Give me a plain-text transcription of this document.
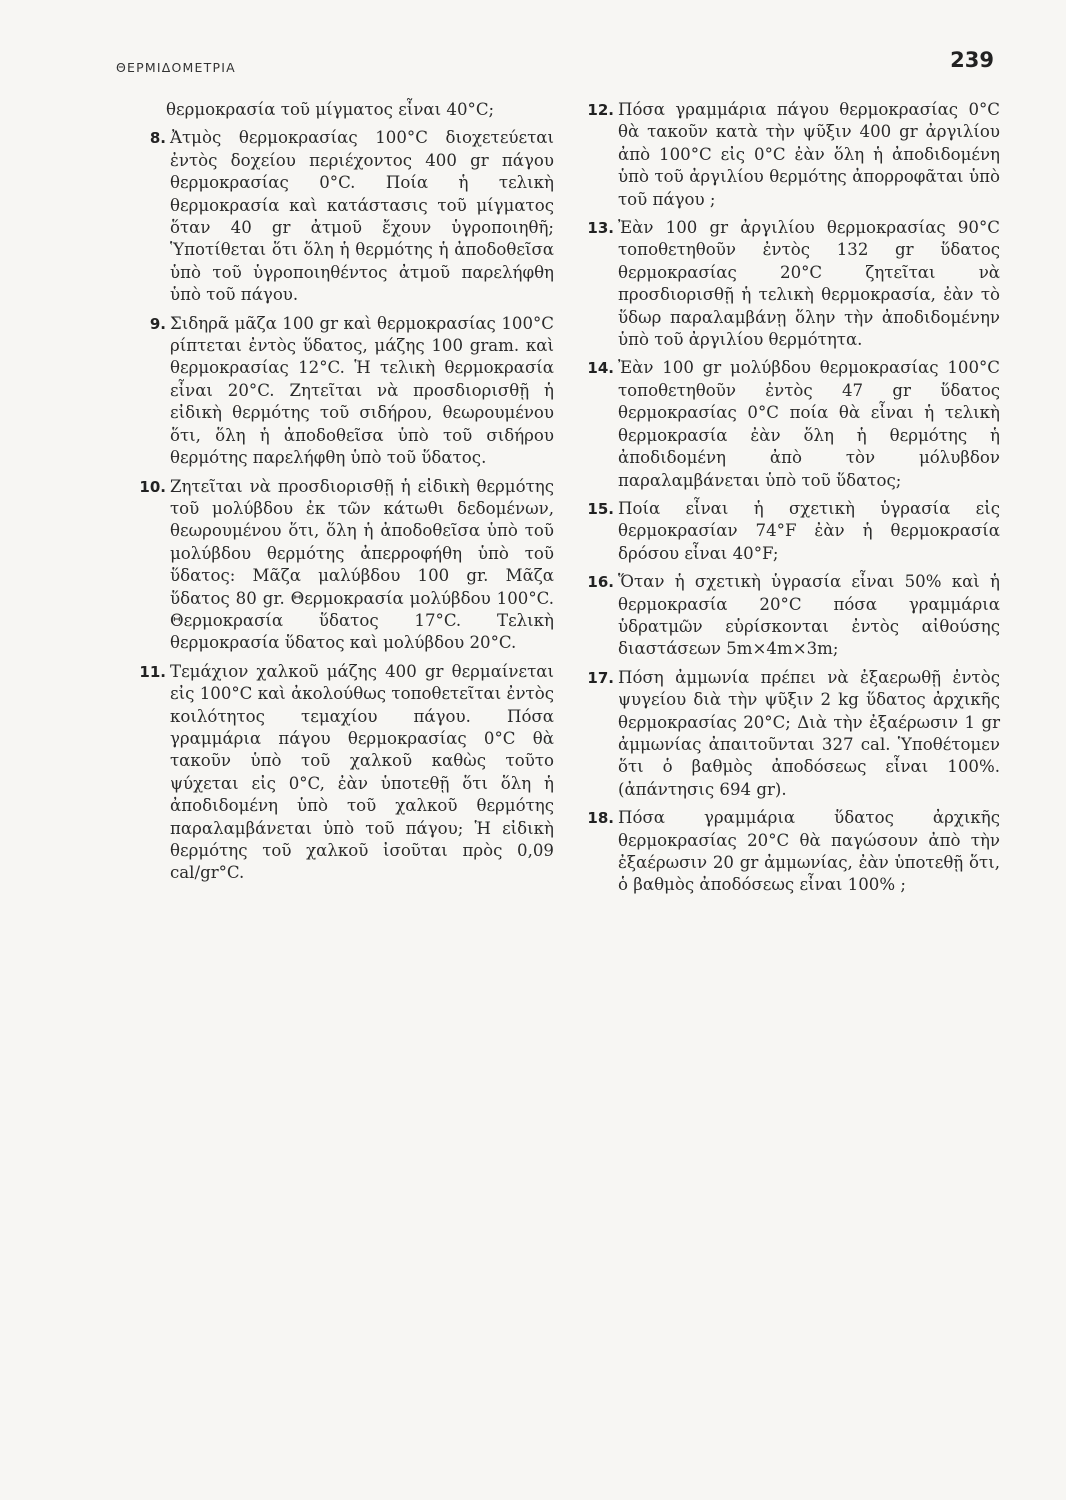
ΘΕΡΜΙΔΟΜΕΤΡΙΑ	239
θερμοκρασία τοῦ μίγματος εἶναι 40°C;
8. Ἀτμὸς θερμοκρασίας 100°C διοχετεύεται ἐντὸς δοχείου περιέχοντος 400 gr πάγου θερμοκρασίας 0°C. Ποία ἡ τελικὴ θερμοκρασία καὶ κατάστασις τοῦ μίγματος ὅταν 40 gr ἀτμοῦ ἔχουν ὑγροποιηθῆ; Ὑποτίθεται ὅτι ὅλη ἡ θερμότης ἡ ἀποδοθεῖσα ὑπὸ τοῦ ὑγροποιηθέντος ἀτμοῦ παρελήφθη ὑπὸ τοῦ πάγου.
9. Σιδηρᾶ μᾶζα 100 gr καὶ θερμοκρασίας 100°C ρίπτεται ἐντὸς ὕδατος, μάζης 100 gram. καὶ θερμοκρασίας 12°C. Ἡ τελικὴ θερμοκρασία εἶναι 20°C. Ζητεῖται νὰ προσδιορισθῇ ἡ εἰδικὴ θερμότης τοῦ σιδήρου, θεωρουμένου ὅτι, ὅλη ἡ ἀποδοθεῖσα ὑπὸ τοῦ σιδήρου θερμότης παρελήφθη ὑπὸ τοῦ ὕδατος.
10. Ζητεῖται νὰ προσδιορισθῇ ἡ εἰδικὴ θερμότης τοῦ μολύβδου ἐκ τῶν κάτωθι δεδομένων, θεωρουμένου ὅτι, ὅλη ἡ ἀποδοθεῖσα ὑπὸ τοῦ μολύβδου θερμότης ἀπερροφήθη ὑπὸ τοῦ ὕδατος: Μᾶζα μαλύβδου 100 gr. Μᾶζα ὕδατος 80 gr. Θερμοκρασία μολύβδου 100°C. Θερμοκρασία ὕδατος 17°C. Τελικὴ θερμοκρασία ὕδατος καὶ μολύβδου 20°C.
11. Τεμάχιον χαλκοῦ μάζης 400 gr θερμαίνεται εἰς 100°C καὶ ἀκολούθως τοποθετεῖται ἐντὸς κοιλότητος τεμαχίου πάγου. Πόσα γραμμάρια πάγου θερμοκρασίας 0°C θὰ τακοῦν ὑπὸ τοῦ χαλκοῦ καθὼς τοῦτο ψύχεται εἰς 0°C, ἐὰν ὑποτεθῇ ὅτι ὅλη ἡ ἀποδιδομένη ὑπὸ τοῦ χαλκοῦ θερμότης παραλαμβάνεται ὑπὸ τοῦ πάγου; Ἡ εἰδικὴ θερμότης τοῦ χαλκοῦ ἰσοῦται πρὸς 0,09 cal/gr°C.
12. Πόσα γραμμάρια πάγου θερμοκρασίας 0°C θὰ τακοῦν κατὰ τὴν ψῦξιν 400 gr ἀργιλίου ἀπὸ 100°C εἰς 0°C ἐὰν ὅλη ἡ ἀποδιδομένη ὑπὸ τοῦ ἀργιλίου θερμότης ἀπορροφᾶται ὑπὸ τοῦ πάγου ;
13. Ἐὰν 100 gr ἀργιλίου θερμοκρασίας 90°C τοποθετηθοῦν ἐντὸς 132 gr ὕδατος θερμοκρασίας 20°C ζητεῖται νὰ προσδιορισθῇ ἡ τελικὴ θερμοκρασία, ἐὰν τὸ ὕδωρ παραλαμβάνῃ ὅλην τὴν ἀποδιδομένην ὑπὸ τοῦ ἀργιλίου θερμότητα.
14. Ἐὰν 100 gr μολύβδου θερμοκρασίας 100°C τοποθετηθοῦν ἐντὸς 47 gr ὕδατος θερμοκρασίας 0°C ποία θὰ εἶναι ἡ τελικὴ θερμοκρασία ἐὰν ὅλη ἡ θερμότης ἡ ἀποδιδομένη ἀπὸ τὸν μόλυβδον παραλαμβάνεται ὑπὸ τοῦ ὕδατος;
15. Ποία εἶναι ἡ σχετικὴ ὑγρασία εἰς θερμοκρασίαν 74°F ἐὰν ἡ θερμοκρασία δρόσου εἶναι 40°F;
16. Ὅταν ἡ σχετικὴ ὑγρασία εἶναι 50% καὶ ἡ θερμοκρασία 20°C πόσα γραμμάρια ὑδρατμῶν εὑρίσκονται ἐντὸς αἰθούσης διαστάσεων 5m×4m×3m;
17. Πόση ἀμμωνία πρέπει νὰ ἐξαερωθῇ ἐντὸς ψυγείου διὰ τὴν ψῦξιν 2 kg ὕδατος ἀρχικῆς θερμοκρασίας 20°C; Διὰ τὴν ἐξαέρωσιν 1 gr ἀμμωνίας ἀπαιτοῦνται 327 cal. Ὑποθέτομεν ὅτι ὁ βαθμὸς ἀποδόσεως εἶναι 100%. (ἀπάντησις 694 gr).
18. Πόσα γραμμάρια ὕδατος ἀρχικῆς θερμοκρασίας 20°C θὰ παγώσουν ἀπὸ τὴν ἐξαέρωσιν 20 gr ἀμμωνίας, ἐὰν ὑποτεθῇ ὅτι, ὁ βαθμὸς ἀποδόσεως εἶναι 100% ;
